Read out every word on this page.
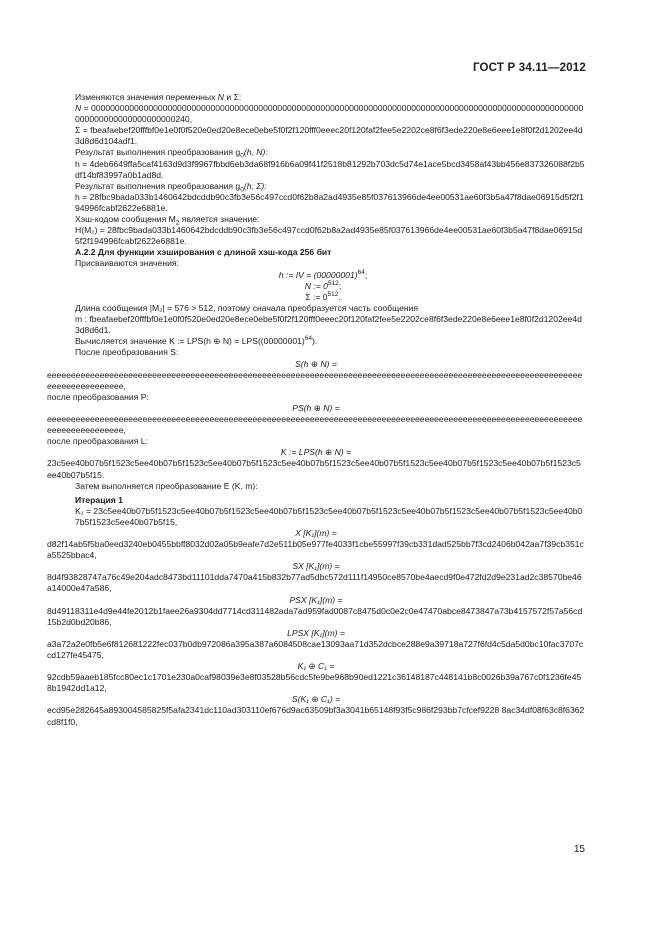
ГОСТ Р 34.11—2012

Изменяются значения переменных N и Σ:

N = 0000000000000000000000000000000000000000000000000000000000000000000000000000000000000000000000000000000000000000000000000000240,

Σ = fbeafaebef20fffbf0e1e0f0f520e0ed20e8ece0ebe5f0f2f120fff0eeec20f120faf2fee5e2202ce8f6f3ede220e8e6eee1e8f0f2d1202ee4d3d8d6d104adf1.

Результат выполнения преобразования $g_0(h$, N):

h = 4deb6649ffa5caf4163d9d3f9967fbbd6eb3da68f916b6a09f41f2518b81292b703dc5d74e1ace5bcd3458af43bb456e837326088f2b5df14bf83997a0b1ad8d.

Результат выполнения преобразования $g_0(h$, Σ):

h = 28fbc9bada033b1460642bdcddb90c3fb3e56c497ccd0f62b8a2ad4935e85f037613966de4ee00531ae60f3b5a47f8dae06915d5f2f194996fcabf2622e6881e.

Хэш-кодом сообщения $M_2$ является значение:

H(M₂) = 28fbc9bada033b1460642bdcddb90c3fb3e56c497ccd0f62b8a2ad4935e85f037613966de4ee00531ae60f3b5a47f8dae06915d5f2f194996fcabf2622e6881e.

А.2.2 Для функции хэширования с длиной хэш-кода 256 бит

Присваиваются значения:

h := IV = $(00000001)^{64}$;
N := $0^{512}$;
Σ := $0^{512}$.

Длина сообщения |M₂| = 576 > 512, поэтому сначала преобразуется часть сообщения

m : fbeafaebef20fffbf0e1e0f0f520e0ed20e8ece0ebe5f0f2f120fff0eeec20f120faf2fee5e2202ce8f6f3ede220e8e6eee1e8f0f2d1202ee4d3d8d6d1.

Вычисляется значение K := LPS(h ⊕ $N) = LPS((00000001)^{64})$.

После преобразования S:

S(h ⊕ N) =

eeeeeeeeeeeeeeeeeeeeeeeeeeeeeeeeeeeeeeeeeeeeeeeeeeeeeeeeeeeeeeeeeeeeeeeeeeeeeeeeeeeeeeeeeeeeeeeeeeeeeeeeeeeeeeeeeeeeeeeeeeeeeeee,

после преобразования P:

PS(h ⊕ N) =

eeeeeeeeeeeeeeeeeeeeeeeeeeeeeeeeeeeeeeeeeeeeeeeeeeeeeeeeeeeeeeeeeeeeeeeeeeeeeeeeeeeeeeeeeeeeeeeeeeeeeeeeeeeeeeeeeeeeeeeeeeeeeeee,

после преобразования L:

K := LPS(h ⊕ N) =

23c5ee40b07b5f1523c5ee40b07b5f1523c5ee40b07b5f1523c5ee40b07b5f1523c5ee40b07b5f1523c5ee40b07b5f1523c5ee40b07b5f1523c5ee40b07b5f15.

Затем выполняется преобразование E (K, m):

Итерация 1

K₁ = 23c5ee40b07b5f1523c5ee40b07b5f1523c5ee40b07b5f1523c5ee40b07b5f1523c5ee40b07b5f1523c5ee40b07b5f1523c5ee40b07b5f1523c5ee40b07b5f15,

X [K₁](m) =

d82f14ab5f5ba0eed3240eb0455bbff8032d02a05b9eafe7d2e511b05e977fe4033f1cbe55997f39cb331dad525bb7f3cd2406b042aa7f39cb351ca5525bbac4,

SX [K₁](m) =

8d4f93828747a76c49e204adc8473bd11101dda7470a415b832b77ad5dbc572d111f14950ce8570be4aecd9f0e472fd2d9e231ad2c38570be46a14000e47a586,

PSX [K₁](m) =

8d49118311e4d9e44fe2012b1faee26a9304dd7714cd311482ada7ad959fad0087c8475d0c0e2c0e47470abce8473847a73b4157572f57a56cd15b2d0bd20b86,

LPSX [K₁](m) =

a3a72a2e0fb5e6f812681222fec037b0db972086a395a387a6084508cae13093aa71d352dcbce288e9a39718a727f6fd4c5da5d0bc10fac3707ccd127fe45475,

K₁ ⊕ C₁ =

92cdb59aaeb185fcc80ec1c1701e230a0caf98039e3e8f03528b56cdc5fe9be968b90ed1221c36148187c448141b8c0026b39a767c0f1236fe458b1942dd1a12,

S(K₁ ⊕ C₁) =

ecd95e282645a893004585825f5afa2341dc110ad303110ef676d9ac63509bf3a3041b65148f93f5c986f293bb7cfcef9228 8ac34df08f63c8f6362cd8f1f0,

15
